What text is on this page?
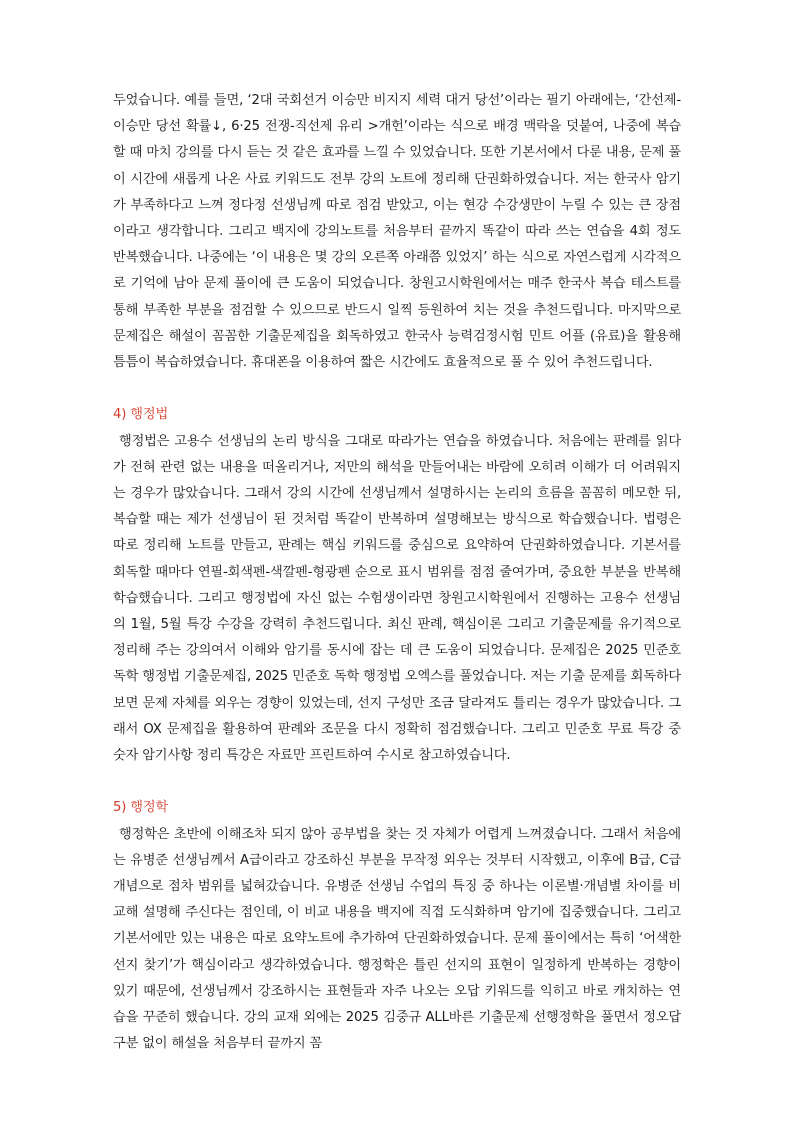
두었습니다. 예를 들면, ‘2대 국회선거 이승만 비지지 세력 대거 당선’이라는 필기 아래에는, ‘간선제-이승만 당선 확률↓, 6·25 전쟁-직선제 유리 >개헌’이라는 식으로 배경 맥락을 덧붙여, 나중에 복습할 때 마치 강의를 다시 듣는 것 같은 효과를 느낄 수 있었습니다. 또한 기본서에서 다룬 내용, 문제 풀이 시간에 새롭게 나온 사료 키워드도 전부 강의 노트에 정리해 단권화하였습니다. 저는 한국사 암기가 부족하다고 느껴 정다정 선생님께 따로 점검 받았고, 이는 현강 수강생만이 누릴 수 있는 큰 장점이라고 생각합니다. 그리고 백지에 강의노트를 처음부터 끝까지 똑같이 따라 쓰는 연습을 4회 정도 반복했습니다. 나중에는 ‘이 내용은 몇 강의 오른쪽 아래쯤 있었지’ 하는 식으로 자연스럽게 시각적으로 기억에 남아 문제 풀이에 큰 도움이 되었습니다. 창원고시학원에서는 매주 한국사 복습 테스트를 통해 부족한 부분을 점검할 수 있으므로 반드시 일찍 등원하여 치는 것을 추천드립니다. 마지막으로 문제집은 해설이 꼼꼼한 기출문제집을 회독하였고 한국사 능력검정시험 민트 어플 (유료)을 활용해 틈틈이 복습하였습니다. 휴대폰을 이용하여 짧은 시간에도 효율적으로 풀 수 있어 추천드립니다.

4) 행정법

행정법은 고용수 선생님의 논리 방식을 그대로 따라가는 연습을 하였습니다. 처음에는 판례를 읽다가 전혀 관련 없는 내용을 떠올리거나, 저만의 해석을 만들어내는 바람에 오히려 이해가 더 어려워지는 경우가 많았습니다. 그래서 강의 시간에 선생님께서 설명하시는 논리의 흐름을 꼼꼼히 메모한 뒤, 복습할 때는 제가 선생님이 된 것처럼 똑같이 반복하며 설명해보는 방식으로 학습했습니다. 법령은 따로 정리해 노트를 만들고, 판례는 핵심 키워드를 중심으로 요약하여 단권화하였습니다. 기본서를 회독할 때마다 연필-회색펜-색깔펜-형광펜 순으로 표시 범위를 점점 줄여가며, 중요한 부분을 반복해 학습했습니다. 그리고 행정법에 자신 없는 수험생이라면 창원고시학원에서 진행하는 고용수 선생님의 1월, 5월 특강 수강을 강력히 추천드립니다. 최신 판례, 핵심이론 그리고 기출문제를 유기적으로 정리해 주는 강의여서 이해와 암기를 동시에 잡는 데 큰 도움이 되었습니다. 문제집은 2025 민준호 독학 행정법 기출문제집, 2025 민준호 독학 행정법 오엑스를 풀었습니다. 저는 기출 문제를 회독하다 보면 문제 자체를 외우는 경향이 있었는데, 선지 구성만 조금 달라져도 틀리는 경우가 많았습니다. 그래서 OX 문제집을 활용하여 판례와 조문을 다시 정확히 점검했습니다. 그리고 민준호 무료 특강 중 숫자 암기사항 정리 특강은 자료만 프린트하여 수시로 참고하였습니다.

5) 행정학

행정학은 초반에 이해조차 되지 않아 공부법을 찾는 것 자체가 어렵게 느껴졌습니다. 그래서 처음에는 유병준 선생님께서 A급이라고 강조하신 부분을 무작정 외우는 것부터 시작했고, 이후에 B급, C급 개념으로 점차 범위를 넓혀갔습니다. 유병준 선생님 수업의 특징 중 하나는 이론별·개념별 차이를 비교해 설명해 주신다는 점인데, 이 비교 내용을 백지에 직접 도식화하며 암기에 집중했습니다. 그리고 기본서에만 있는 내용은 따로 요약노트에 추가하여 단권화하였습니다. 문제 풀이에서는 특히 ‘어색한 선지 찾기’가 핵심이라고 생각하였습니다. 행정학은 틀린 선지의 표현이 일정하게 반복하는 경향이 있기 때문에, 선생님께서 강조하시는 표현들과 자주 나오는 오답 키워드를 익히고 바로 캐치하는 연습을 꾸준히 했습니다. 강의 교재 외에는 2025 김중규 ALL바른 기출문제 선행정학을 풀면서 정오답 구분 없이 해설을 처음부터 끝까지 꼼
